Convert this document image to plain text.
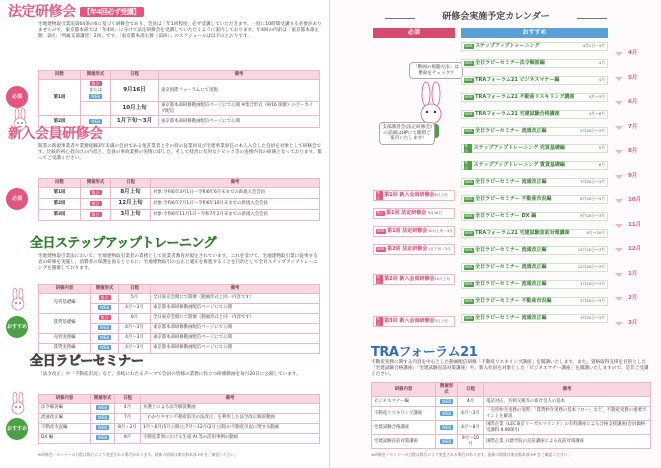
法定研修会 【年4回必ず受講】
宅地建物取引業法第64条の6に基づく研修会であり、会員は「年1回程度」必ず受講していただきます。一度に10時間受講する必要がありませんので、東京都本部では「年4回」に分けて法定研修会を受講していただくように案内しております。年4回の内訳は「東京都本部主催：2回」「所属支部講習：2回」です。「東京都本部主催（前回）」のスケジュールは以下のとおりです。
必須
回数	開催形式	日程	備考
第1回	集合
または
WEB	9月16日	東京国際フォーラムにて実施
		10月上旬	東京都本部研修動画配信ページにて公開 ※集合形式（9/16 開催）のアーカイブ配信
第2回	WEB	1月下旬〜3月	東京都本部研修動画配信ページにて公開
新入会員研修会
開業の新規事業者や業務経験3年未満の会員である免許業者とその役の従業員及び宅建事業専任の本人入会した会員を対象として研修会です。比較的初心者向けの内容と、会員の事故業務の実情に即した、そして経営に有用なトピック等の実務内容の研修となっております。奮ってご受講ください。
必須
回数	開催形式	日程	備考
第1回	集合	8月上旬	対象:令和6年3月1日〜令和6年6月末までの新規入会会員
第2回	集合	12月上旬	対象:令和6年7月1日〜令和6年10月末までの新規入会会員
第3回	集合	3月上旬	対象:令和6年11月1日〜令和7年2月末までの新規入会会員
全日ステップアップトレーニング
宅地建物取引業法において、宅地建物取引業者の責務として従業者教育が規定されています。これを受けて、宅地建物取引業に従事する者の研修を実施し、消費者の保護を図るとともに、宅地建物取引の公正と適正を推進することを目的として全日ステップアップトレーニングを開催しております。
おすすめ
研修内容	開催形式	日程	備考
売買基礎編	集合	5月	全日東京会館にて開催（動画形式と同一内容です）
	WEB	4月〜3月	東京都本部研修動画配信ページにて公開
賃貸基礎編	集合	6月	全日東京会館にて開催（動画形式と同一内容です）
	WEB	4月〜3月	東京都本部研修動画配信ページにて公開
売買実務編	WEB	4月〜3月	東京都本部研修動画配信ページにて公開
賃貸実務編	WEB	4月〜3月	東京都本部研修動画配信ページにて公開
全日ラビーセミナー
「法令改正」や「不動産市況」など、多岐にわたるテーマで会員の皆様の業務に役立つ研修動画を毎月20日に公開しています。
おすすめ
研修内容	開催形式	日程	備考
法令解説編	WEB	4月	弁護士による法令解説動画
流通改正編	WEB	7月	「わかりやすい不動産取引の法改正」を利用した法令改正解説動画
不動産市況編	WEB	8月・2月	1月〜6月(5月公開)と7月〜12月(2月公開)の不動産市況に関する動画
DX 編	WEB	9月	不動産業界における生成 AI 等の活用事例の動画
※研修会・セミナーの日程は都合により変更される場合があります。最新の情報は東京都本部 HP をご確認ください。
研修会実施予定カレンダー
必須	おすすめ
「動画の視聴方法」は裏面をチェック!!
支部講習会(法定研修会)の詳細はHPにて随時ご案内いたします!
TRAフォーラム21
不動産実務に関する内容を中心とした動画配信研修「不動産リスキリング講座」を開講いたします。また、資格取得支援を目的とした「宅建試験合格講座」「宅建試験直前対策講座」や、新入社員を対象とした「ビジネスマナー講座」を開講いたしますので、是非ご受講ください。
研修内容	開催形式	日程	備考
ビジネスマナー編	WEB	4月	電話対応、名刺交換等の新社会人の基本
不動産リスキリング講座	WEB	4月〜3月	「売買仲介実務の実際」「賃貸仲介実務の基本フロー」など、不動産実務の重要ポイントを解説
宅建試験合格講座	WEB	4月〜8月	国際企業（LEC東京リーガルマインド）の有料講座による合格支援講座(会員価格 受講料 9,900円)
宅建試験直前対策講座	WEB	9月〜10月	国際企業 日建学院の直前講座による直前対策講座
※研修会・セミナーの日程は都合により変更される場合があります。最新の情報は東京都本部 HP をご確認ください。
4月
5月
6月
7月
8月
9月
10月
11月
12月
1月
2月
3月
WEB ステップアップトレーニング	4月1日〜3月
WEB 全日ラビーセミナー法令解説編	4月
WEB TRAフォーラム21 ビジネスマナー編	4月
WEB TRAフォーラム21 不動産リスキリング講座	4月〜3月
WEB TRAフォーラム21 宅建試験合格講座	4月〜8月
WEB 全日ラビーセミナー 流通改正編	5月20日〜3月
集合	ステップアップトレーニング 売買基礎編	5月
集合	ステップアップトレーニング 賃貸基礎編	6月
WEB 全日ラビーセミナー 流通改正編	7月20日〜3月
WEB 全日ラビーセミナー 不動産市況編	8月20日〜3月
WEB 全日ラビーセミナー DX 編	9月20日〜3月
WEB TRAフォーラム21 宅建試験直前対策講座	9月〜10月
WEB 全日ラビーセミナー 流通改正編	11月20日〜3月
WEB 全日ラビーセミナー 流通改正編	12月20日〜3月
WEB 全日ラビーセミナー 流通改正編	1月20日〜3月
WEB 全日ラビーセミナー 不動産市況編	2月20日〜3月
WEB 全日ラビーセミナー 流通改正編	3月20日〜3月
集合 第1回 新入会員研修会 8月上旬
集合 第1回 法定研修会 9月16日
WEB 第1回 法定研修会 10月上旬〜3月
WEB 第2回 法定研修会 1月下旬〜3月
集合 第2回 新入会員研修会 12月上旬
集合 第3回 新入会員研修会 3月上旬
